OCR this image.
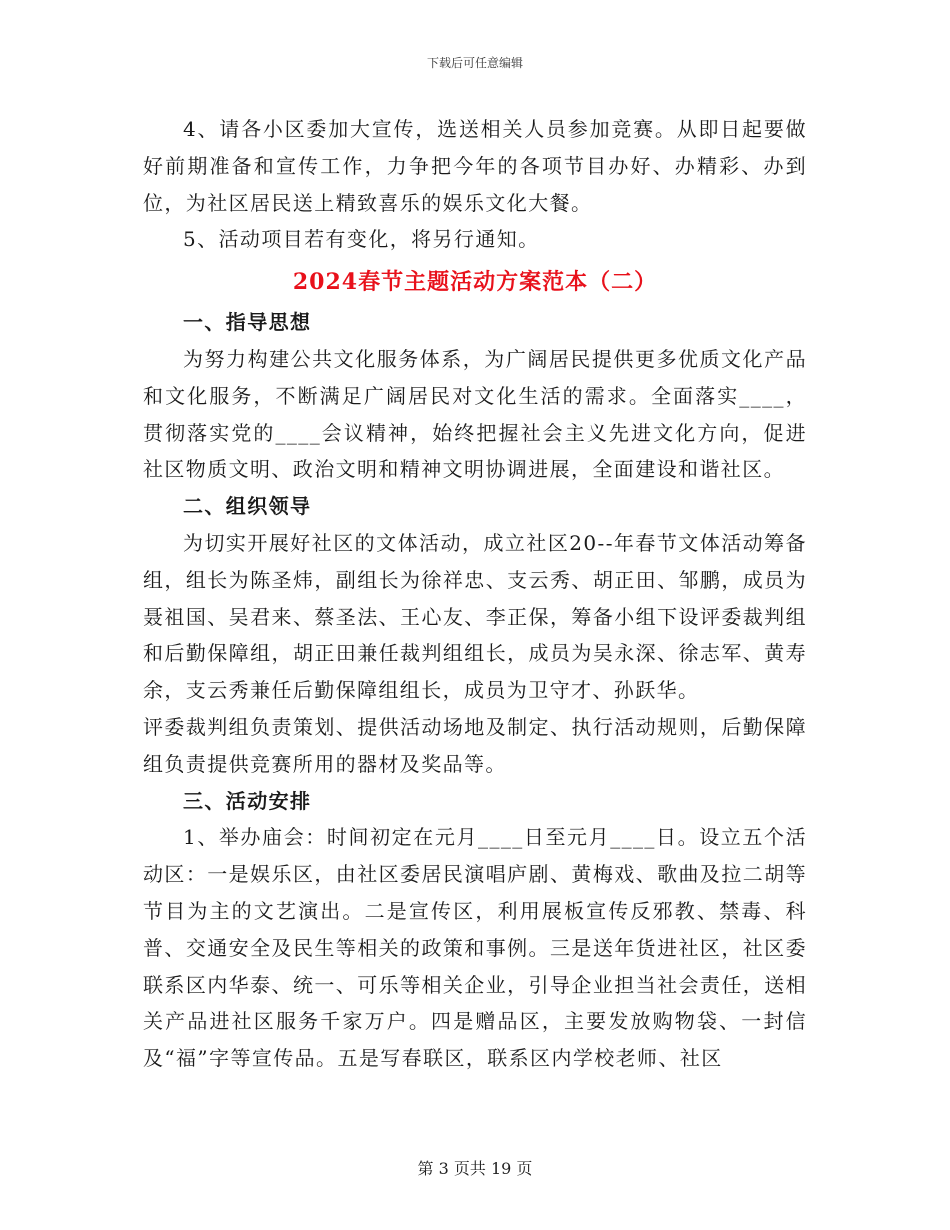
下载后可任意编辑

4、请各小区委加大宣传，选送相关人员参加竞赛。从即日起要做好前期准备和宣传工作，力争把今年的各项节目办好、办精彩、办到位，为社区居民送上精致喜乐的娱乐文化大餐。

5、活动项目若有变化，将另行通知。

2024春节主题活动方案范本（二）

一、指导思想

为努力构建公共文化服务体系，为广阔居民提供更多优质文化产品和文化服务，不断满足广阔居民对文化生活的需求。全面落实____，贯彻落实党的____会议精神，始终把握社会主义先进文化方向，促进社区物质文明、政治文明和精神文明协调进展，全面建设和谐社区。

二、组织领导

为切实开展好社区的文体活动，成立社区20--年春节文体活动筹备组，组长为陈圣炜，副组长为徐祥忠、支云秀、胡正田、邹鹏，成员为聂祖国、吴君来、蔡圣法、王心友、李正保，筹备小组下设评委裁判组和后勤保障组，胡正田兼任裁判组组长，成员为吴永深、徐志军、黄寿余，支云秀兼任后勤保障组组长，成员为卫守才、孙跃华。

评委裁判组负责策划、提供活动场地及制定、执行活动规则，后勤保障组负责提供竞赛所用的器材及奖品等。

三、活动安排

1、举办庙会：时间初定在元月____日至元月____日。设立五个活动区：一是娱乐区，由社区委居民演唱庐剧、黄梅戏、歌曲及拉二胡等节目为主的文艺演出。二是宣传区，利用展板宣传反邪教、禁毒、科普、交通安全及民生等相关的政策和事例。三是送年货进社区，社区委联系区内华泰、统一、可乐等相关企业，引导企业担当社会责任，送相关产品进社区服务千家万户。四是赠品区，主要发放购物袋、一封信及“福”字等宣传品。五是写春联区，联系区内学校老师、社区

第 3 页共 19 页
